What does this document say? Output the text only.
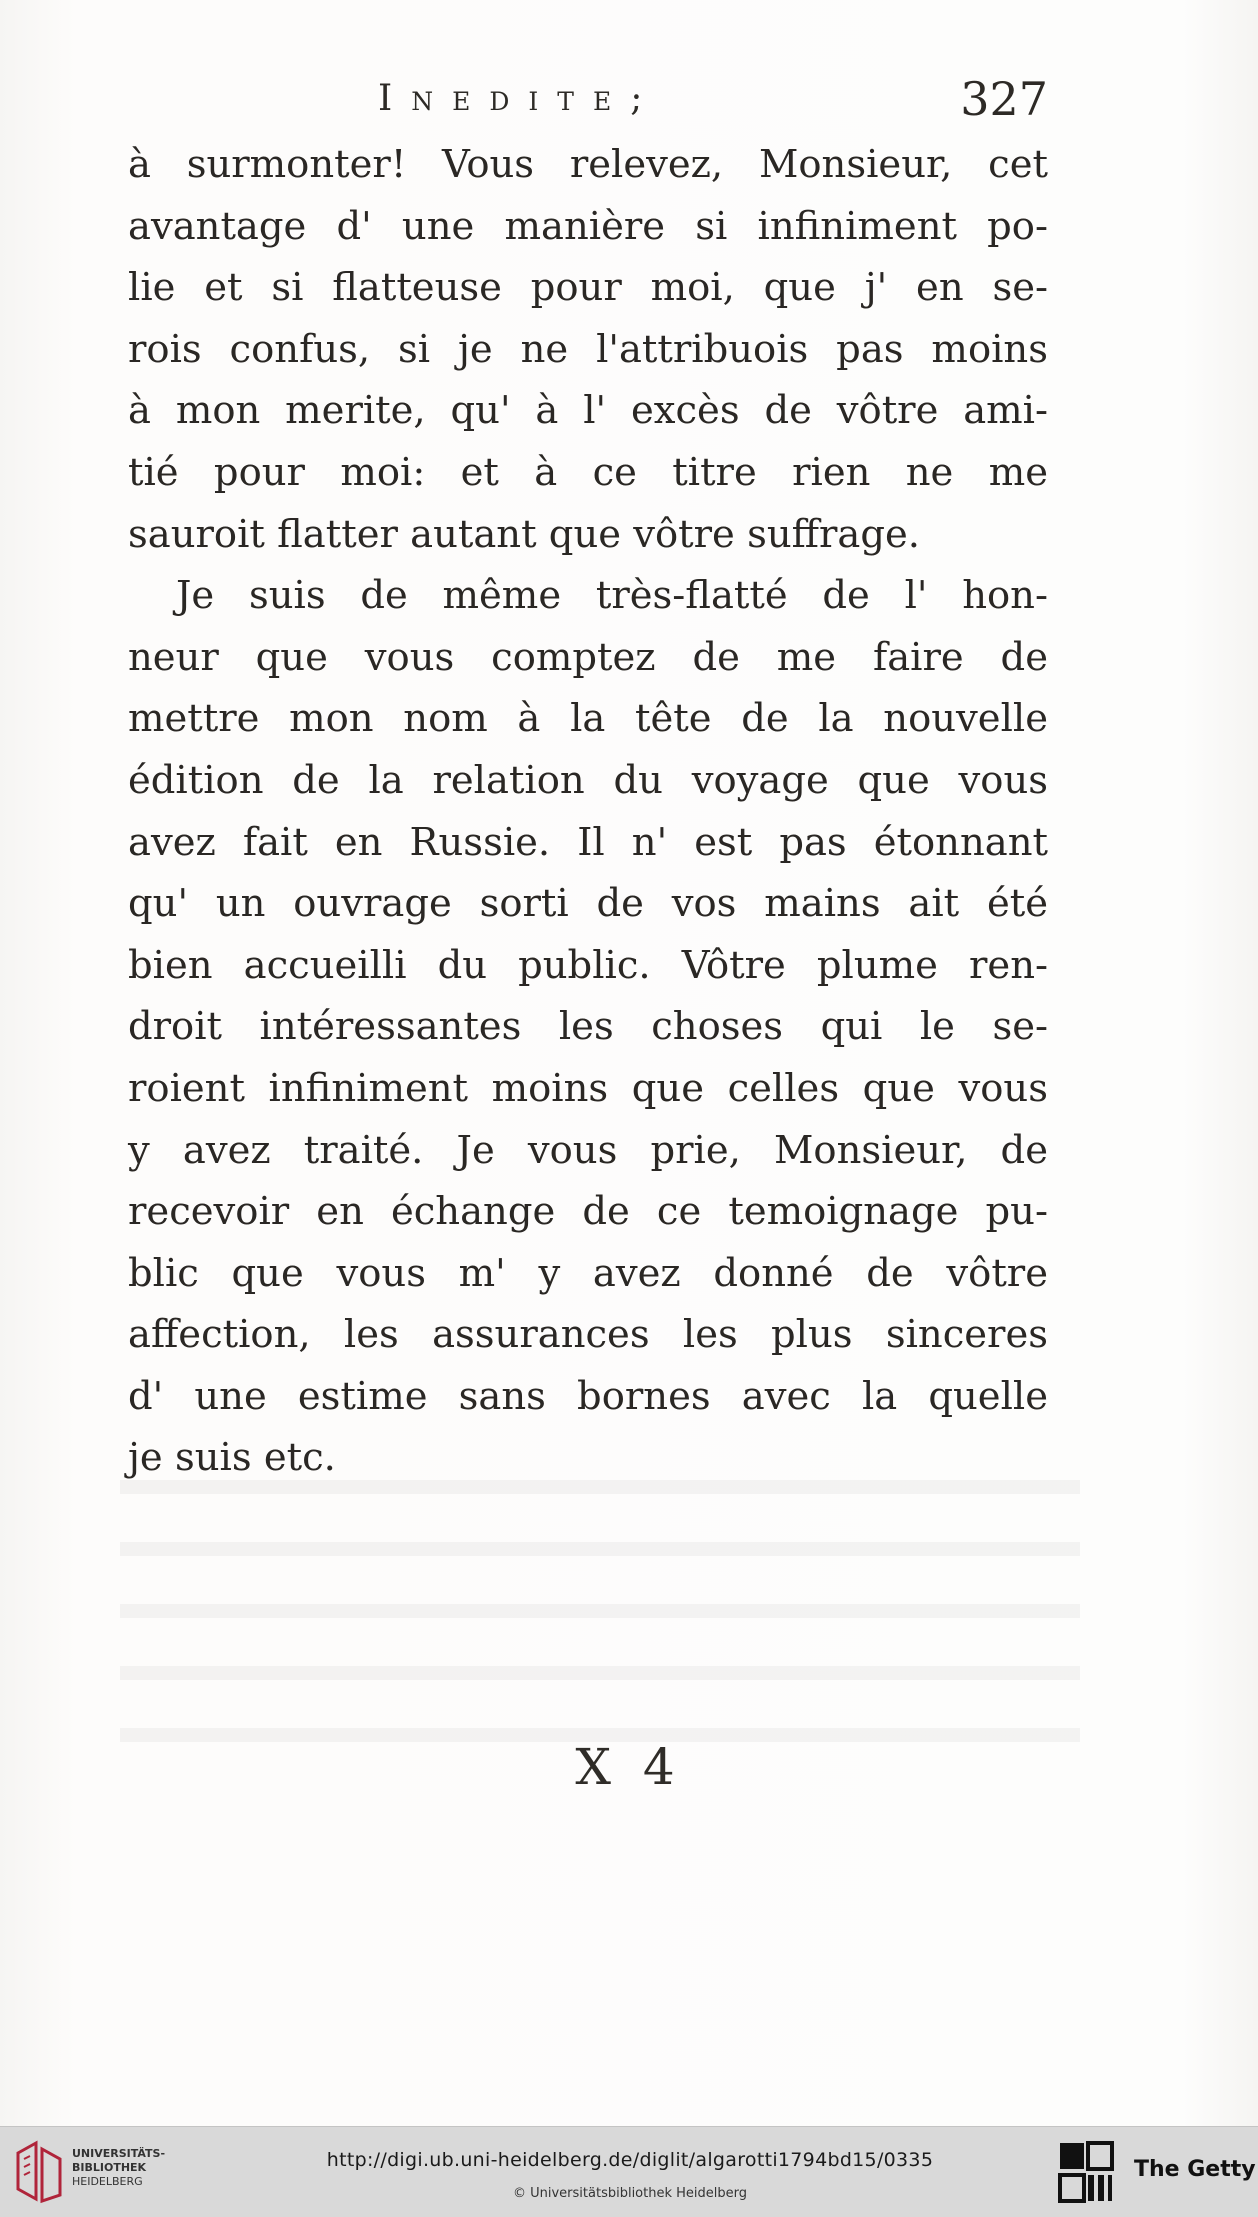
Inedite;	327
à surmonter! Vous relevez, Monsieur, cet
avantage d' une manière si infiniment po-
lie et si flatteuse pour moi, que j' en se-
rois confus, si je ne l'attribuois pas moins
à mon merite, qu' à l' excès de vôtre ami-
tié pour moi: et à ce titre rien ne me
sauroit flatter autant que vôtre suffrage.
Je suis de même très-flatté de l' hon-
neur que vous comptez de me faire de
mettre mon nom à la tête de la nouvelle
édition de la relation du voyage que vous
avez fait en Russie. Il n' est pas étonnant
qu' un ouvrage sorti de vos mains ait été
bien accueilli du public. Vôtre plume ren-
droit intéressantes les choses qui le se-
roient infiniment moins que celles que vous
y avez traité. Je vous prie, Monsieur, de
recevoir en échange de ce temoignage pu-
blic que vous m' y avez donné de vôtre
affection, les assurances les plus sinceres
d' une estime sans bornes avec la quelle
je suis etc.
X 4
UNIVERSITÄTS-
BIBLIOTHEK
HEIDELBERG
http://digi.ub.uni-heidelberg.de/diglit/algarotti1794bd15/0335
© Universitätsbibliothek Heidelberg
The Getty
